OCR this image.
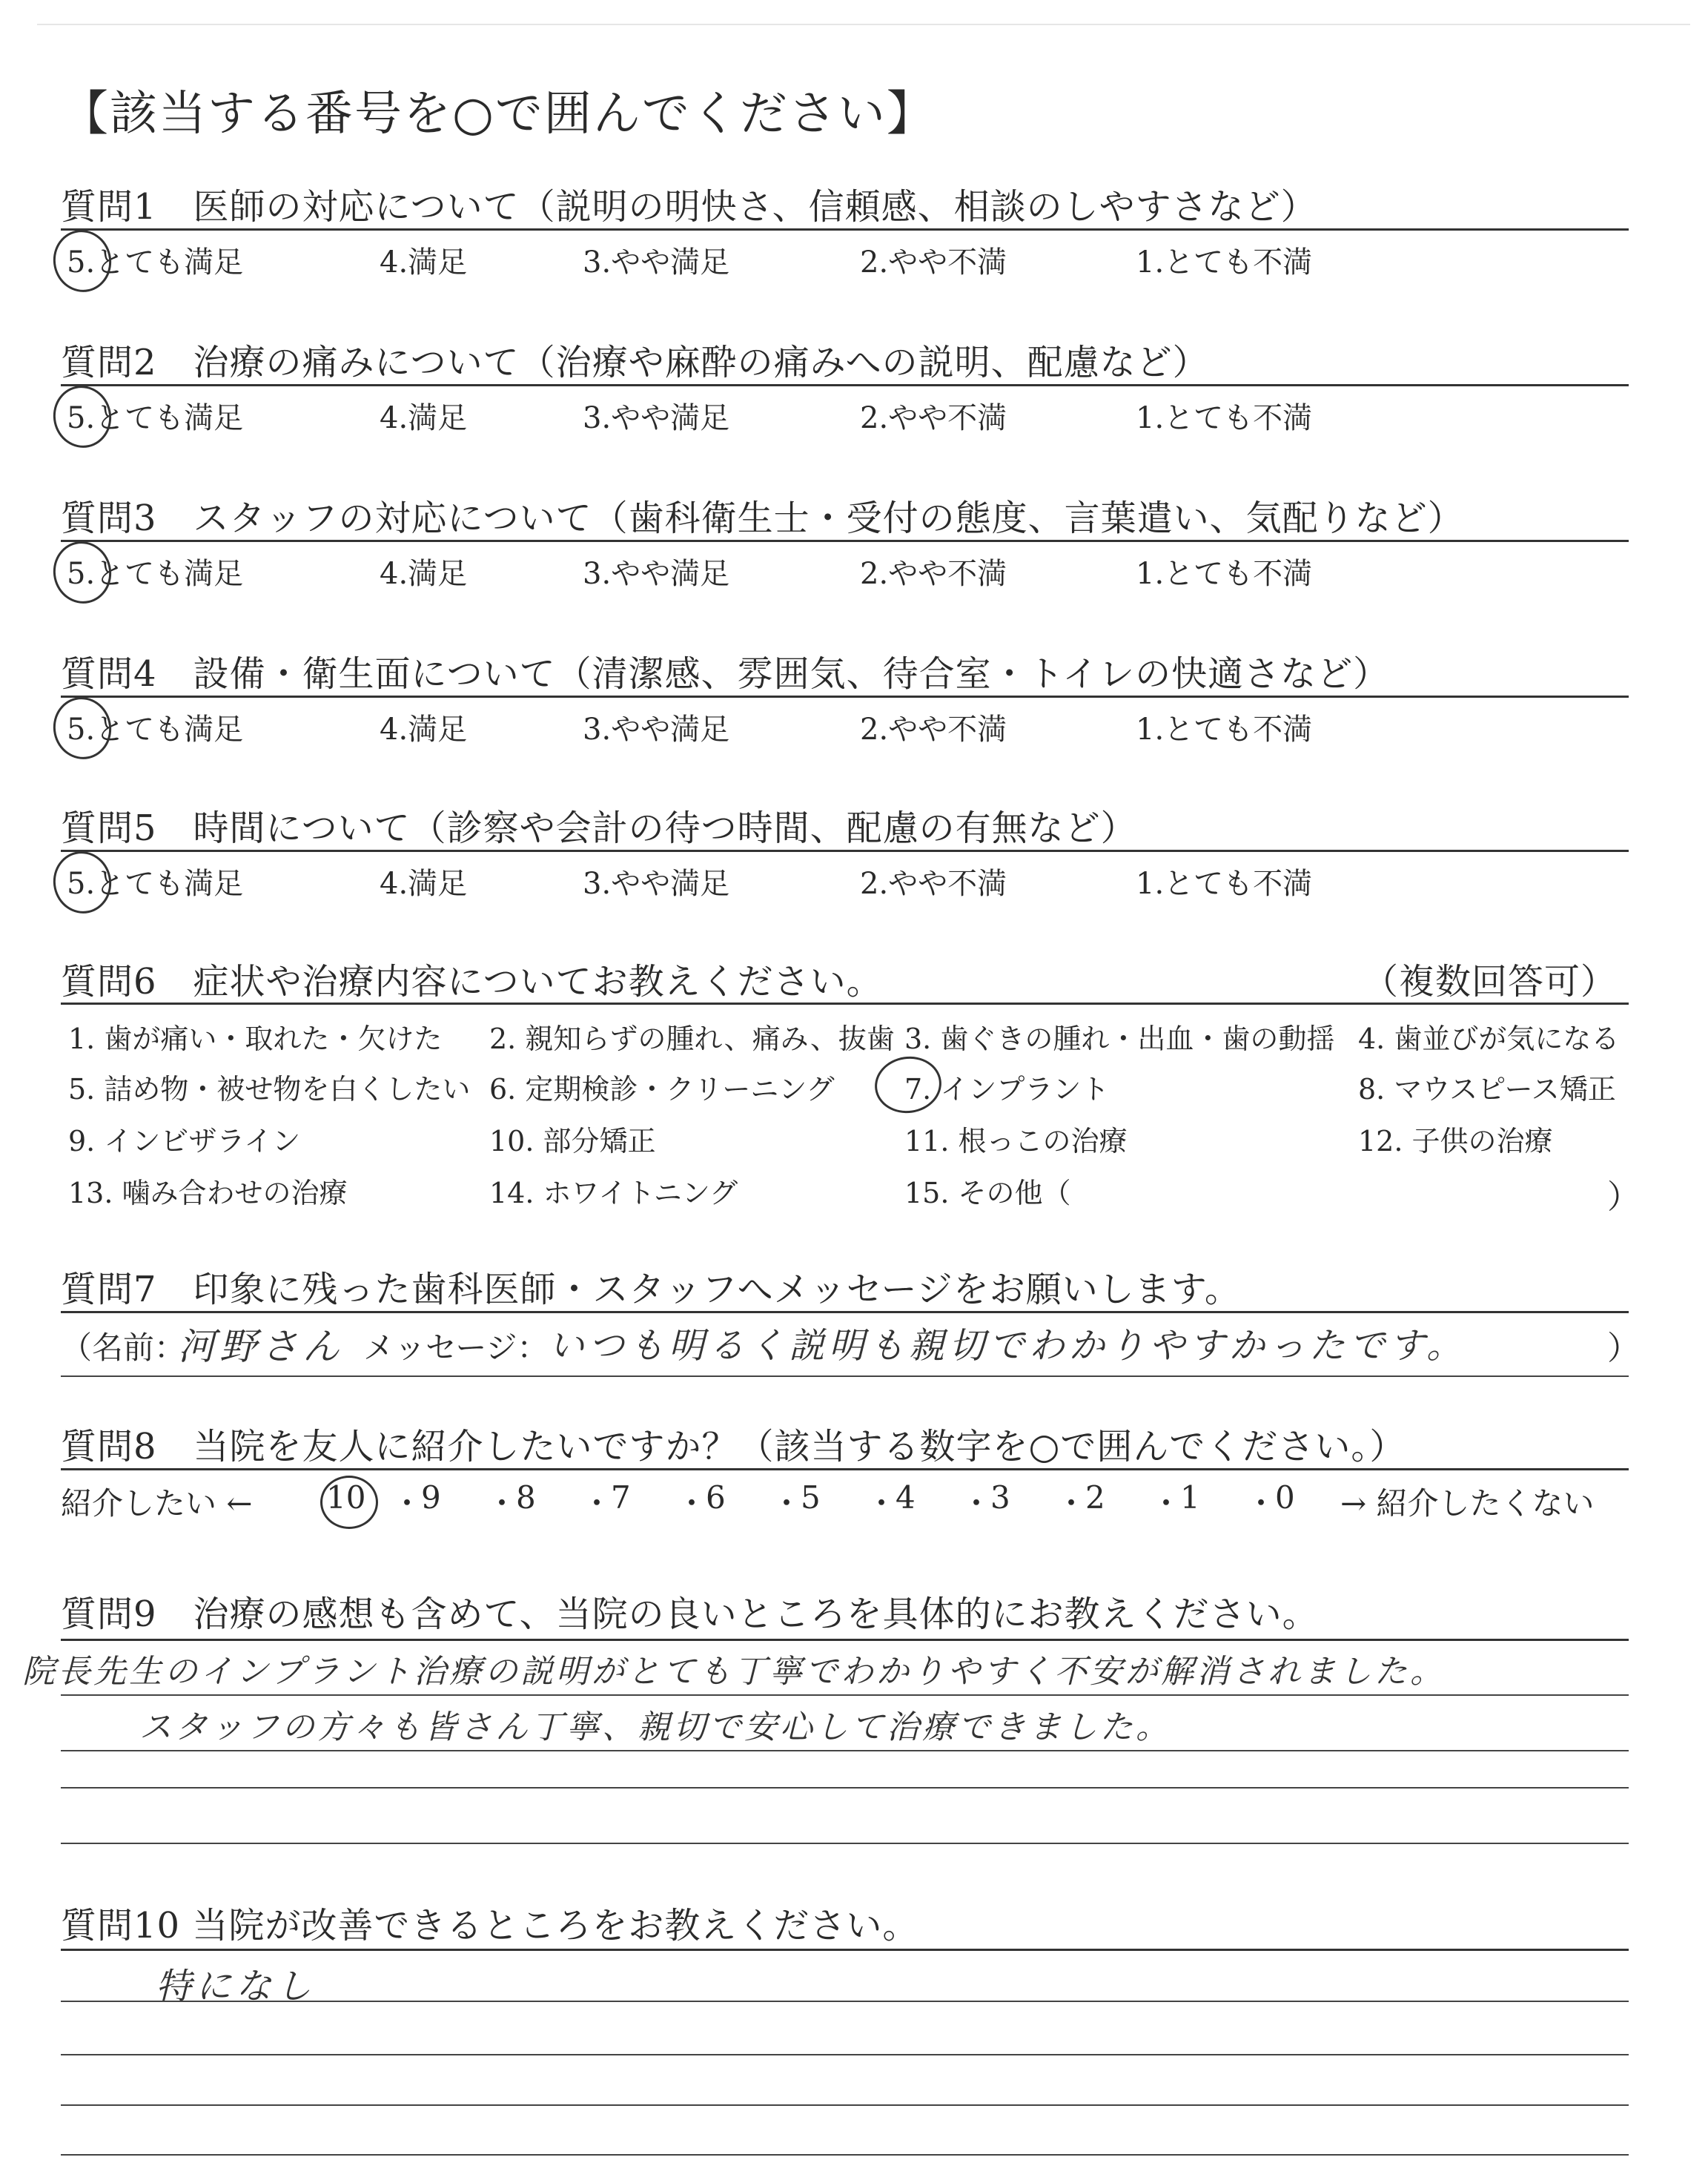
【該当する番号を○で囲んでください】
質問6　症状や治療内容についてお教えください。	（複数回答可）
質問7　印象に残った歯科医師・スタッフへメッセージをお願いします。
（名前：
河野さん メッセージ： いつも明るく説明も親切でわかりやすかったです。	）
質問8　当院を友人に紹介したいですか？（該当する数字を○で囲んでください。）
紹介したい ←	→ 紹介したくない
質問9　治療の感想も含めて、当院の良いところを具体的にお教えください。
院長先生のインプラント治療の説明がとても丁寧でわかりやすく不安が解消されました。
スタッフの方々も皆さん丁寧、親切で安心して治療できました。
質問10 当院が改善できるところをお教えください。
特になし
質問1　医師の対応について（説明の明快さ、信頼感、相談のしやすさなど）
5.とても満足	4.満足	3.やや満足	2.やや不満	1.とても不満
質問2　治療の痛みについて（治療や麻酔の痛みへの説明、配慮など）
5.とても満足	4.満足	3.やや満足	2.やや不満	1.とても不満
質問3　スタッフの対応について（歯科衛生士・受付の態度、言葉遣い、気配りなど）
5.とても満足	4.満足	3.やや満足	2.やや不満	1.とても不満
質問4　設備・衛生面について（清潔感、雰囲気、待合室・トイレの快適さなど）
5.とても満足	4.満足	3.やや満足	2.やや不満	1.とても不満
質問5　時間について（診察や会計の待つ時間、配慮の有無など）
5.とても満足	4.満足	3.やや満足	2.やや不満	1.とても不満
1. 歯が痛い・取れた・欠けた 2. 親知らずの腫れ、痛み、抜歯 3. 歯ぐきの腫れ・出血・歯の動揺 4. 歯並びが気になる
5. 詰め物・被せ物を白くしたい 6. 定期検診・クリーニング 7. インプラント	8. マウスピース矯正
9. インビザライン	10. 部分矯正	11. 根っこの治療	12. 子供の治療
13. 噛み合わせの治療	14. ホワイトニング	15. その他（	）
10 ・
9 ・
8 ・
7 ・
6 ・
5 ・
4 ・
3 ・
2 ・
1 ・
0
